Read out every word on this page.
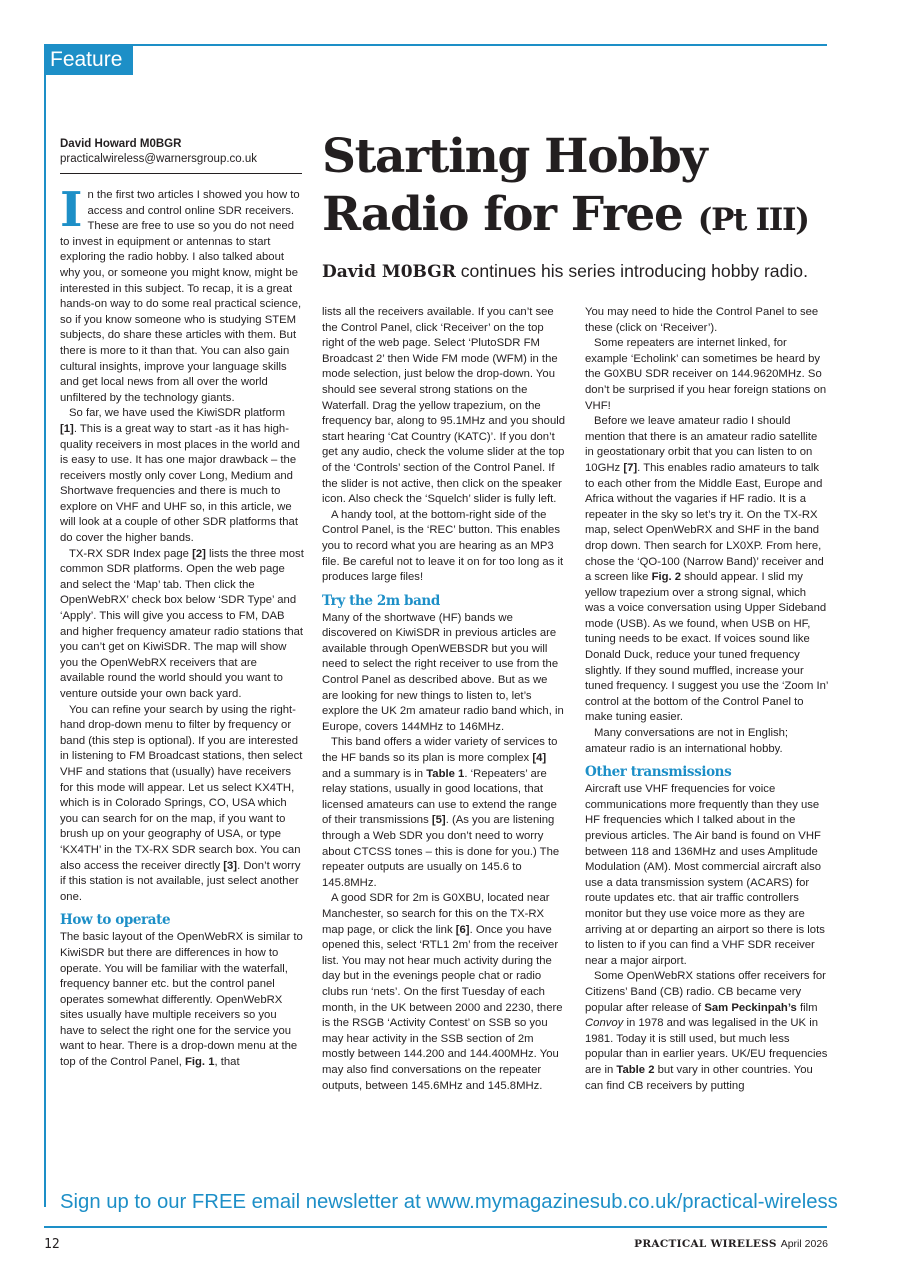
Feature
David Howard M0BGR
practicalwireless@warnersgroup.co.uk Starting Hobby
Radio for Free (Pt III)
David M0BGR continues his series introducing hobby radio.

In the first two articles I showed you how to access and control online SDR receivers. These are free to use so you do not need to invest in equipment or antennas to start exploring the radio hobby. I also talked about why you, or someone you might know, might be interested in this subject. To recap, it is a great hands-on way to do some real practical science, so if you know someone who is studying STEM subjects, do share these articles with them. But there is more to it than that. You can also gain cultural insights, improve your language skills and get local news from all over the world unfiltered by the technology giants.

So far, we have used the KiwiSDR platform [1]. This is a great way to start -as it has high-quality receivers in most places in the world and is easy to use. It has one major drawback – the receivers mostly only cover Long, Medium and Shortwave frequencies and there is much to explore on VHF and UHF so, in this article, we will look at a couple of other SDR platforms that do cover the higher bands.

TX-RX SDR Index page [2] lists the three most common SDR platforms. Open the web page and select the ‘Map’ tab. Then click the OpenWebRX’ check box below ‘SDR Type’ and ‘Apply’. This will give you access to FM, DAB and higher frequency amateur radio stations that you can’t get on KiwiSDR. The map will show you the OpenWebRX receivers that are available round the world should you want to venture outside your own back yard.

You can refine your search by using the right-hand drop-down menu to filter by frequency or band (this step is optional). If you are interested in listening to FM Broadcast stations, then select VHF and stations that (usually) have receivers for this mode will appear. Let us select KX4TH, which is in Colorado Springs, CO, USA which you can search for on the map, if you want to brush up on your geography of USA, or type ‘KX4TH’ in the TX-RX SDR search box. You can also access the receiver directly [3]. Don’t worry if this station is not available, just select another one.

How to operate

The basic layout of the OpenWebRX is similar to KiwiSDR but there are differences in how to operate. You will be familiar with the waterfall, frequency banner etc. but the control panel operates somewhat differently. OpenWebRX sites usually have multiple receivers so you have to select the right one for the service you want to hear. There is a drop-down menu at the top of the Control Panel, Fig. 1, that

lists all the receivers available. If you can’t see the Control Panel, click ‘Receiver’ on the top right of the web page. Select ‘PlutoSDR FM Broadcast 2’ then Wide FM mode (WFM) in the mode selection, just below the drop-down. You should see several strong stations on the Waterfall. Drag the yellow trapezium, on the frequency bar, along to 95.1MHz and you should start hearing ‘Cat Country (KATC)’. If you don’t get any audio, check the volume slider at the top of the ‘Controls’ section of the Control Panel. If the slider is not active, then click on the speaker icon. Also check the ‘Squelch’ slider is fully left.

A handy tool, at the bottom-right side of the Control Panel, is the ‘REC’ button. This enables you to record what you are hearing as an MP3 file. Be careful not to leave it on for too long as it produces large files!

Try the 2m band

Many of the shortwave (HF) bands we discovered on KiwiSDR in previous articles are available through OpenWEBSDR but you will need to select the right receiver to use from the Control Panel as described above. But as we are looking for new things to listen to, let’s explore the UK 2m amateur radio band which, in Europe, covers 144MHz to 146MHz.

This band offers a wider variety of services to the HF bands so its plan is more complex [4] and a summary is in Table 1. ‘Repeaters’ are relay stations, usually in good locations, that licensed amateurs can use to extend the range of their transmissions [5]. (As you are listening through a Web SDR you don’t need to worry about CTCSS tones – this is done for you.) The repeater outputs are usually on 145.6 to 145.8MHz.

A good SDR for 2m is G0XBU, located near Manchester, so search for this on the TX-RX map page, or click the link [6]. Once you have opened this, select ‘RTL1 2m’ from the receiver list. You may not hear much activity during the day but in the evenings people chat or radio clubs run ‘nets’. On the first Tuesday of each month, in the UK between 2000 and 2230, there is the RSGB ‘Activity Contest’ on SSB so you may hear activity in the SSB section of 2m mostly between 144.200 and 144.400MHz. You may also find conversations on the repeater outputs, between 145.6MHz and 145.8MHz.

You may need to hide the Control Panel to see these (click on ‘Receiver’).

Some repeaters are internet linked, for example ‘Echolink’ can sometimes be heard by the G0XBU SDR receiver on 144.9620MHz. So don’t be surprised if you hear foreign stations on VHF!

Before we leave amateur radio I should mention that there is an amateur radio satellite in geostationary orbit that you can listen to on 10GHz [7]. This enables radio amateurs to talk to each other from the Middle East, Europe and Africa without the vagaries if HF radio. It is a repeater in the sky so let’s try it. On the TX-RX map, select OpenWebRX and SHF in the band drop down. Then search for LX0XP. From here, chose the ‘QO-100 (Narrow Band)’ receiver and a screen like Fig. 2 should appear. I slid my yellow trapezium over a strong signal, which was a voice conversation using Upper Sideband mode (USB). As we found, when USB on HF, tuning needs to be exact. If voices sound like Donald Duck, reduce your tuned frequency slightly. If they sound muffled, increase your tuned frequency. I suggest you use the ‘Zoom In’ control at the bottom of the Control Panel to make tuning easier.

Many conversations are not in English; amateur radio is an international hobby.

Other transmissions

Aircraft use VHF frequencies for voice communications more frequently than they use HF frequencies which I talked about in the previous articles. The Air band is found on VHF between 118 and 136MHz and uses Amplitude Modulation (AM). Most commercial aircraft also use a data transmission system (ACARS) for route updates etc. that air traffic controllers monitor but they use voice more as they are arriving at or departing an airport so there is lots to listen to if you can find a VHF SDR receiver near a major airport.

Some OpenWebRX stations offer receivers for Citizens’ Band (CB) radio. CB became very popular after release of Sam Peckinpah’s film Convoy in 1978 and was legalised in the UK in 1981. Today it is still used, but much less popular than in earlier years. UK/EU frequencies are in Table 2 but vary in other countries. You can find CB receivers by putting

Sign up to our FREE email newsletter at www.mymagazinesub.co.uk/practical-wireless
12	PRACTICAL WIRELESS April 2026
